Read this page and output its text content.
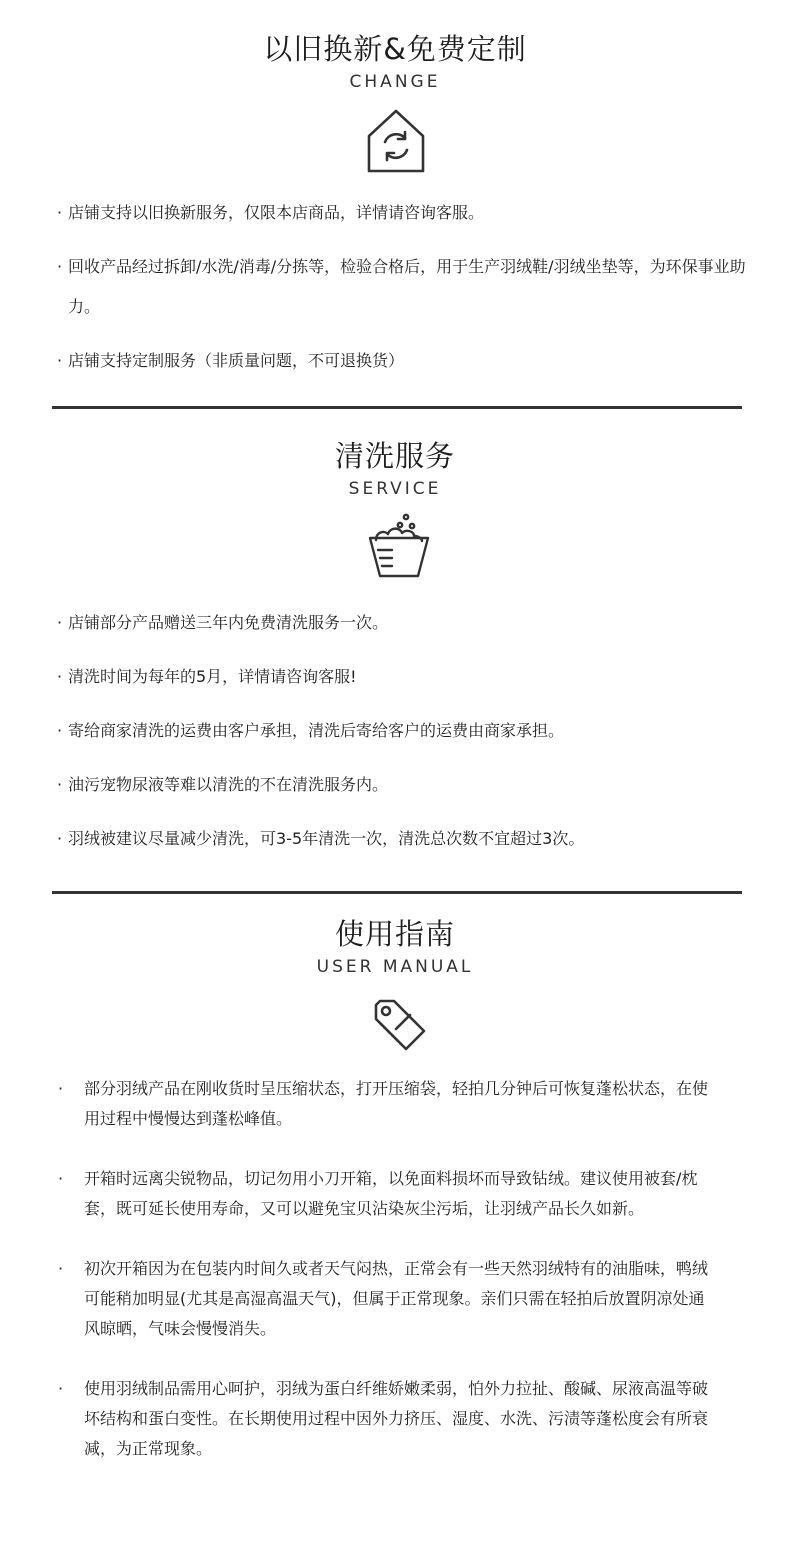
以旧换新&免费定制
CHANGE
· 店铺支持以旧换新服务，仅限本店商品，详情请咨询客服。
· 回收产品经过拆卸/水洗/消毒/分拣等，检验合格后，用于生产羽绒鞋/羽绒坐垫等，为环保事业助力。
· 店铺支持定制服务（非质量问题，不可退换货）
清洗服务
SERVICE
· 店铺部分产品赠送三年内免费清洗服务一次。
· 清洗时间为每年的5月，详情请咨询客服!
· 寄给商家清洗的运费由客户承担，清洗后寄给客户的运费由商家承担。
· 油污宠物尿液等难以清洗的不在清洗服务内。
· 羽绒被建议尽量减少清洗，可3-5年清洗一次，清洗总次数不宜超过3次。
使用指南
USER MANUAL
· 部分羽绒产品在刚收货时呈压缩状态，打开压缩袋，轻拍几分钟后可恢复蓬松状态，在使用过程中慢慢达到蓬松峰值。
· 开箱时远离尖锐物品，切记勿用小刀开箱，以免面料损坏而导致钻绒。建议使用被套/枕套，既可延长使用寿命，又可以避免宝贝沾染灰尘污垢，让羽绒产品长久如新。
· 初次开箱因为在包装内时间久或者天气闷热，正常会有一些天然羽绒特有的油脂味，鸭绒可能稍加明显(尤其是高湿高温天气)，但属于正常现象。亲们只需在轻拍后放置阴凉处通风晾晒，气味会慢慢消失。
· 使用羽绒制品需用心呵护，羽绒为蛋白纤维娇嫩柔弱，怕外力拉扯、酸碱、尿液高温等破坏结构和蛋白变性。在长期使用过程中因外力挤压、湿度、水洗、污渍等蓬松度会有所衰减，为正常现象。
